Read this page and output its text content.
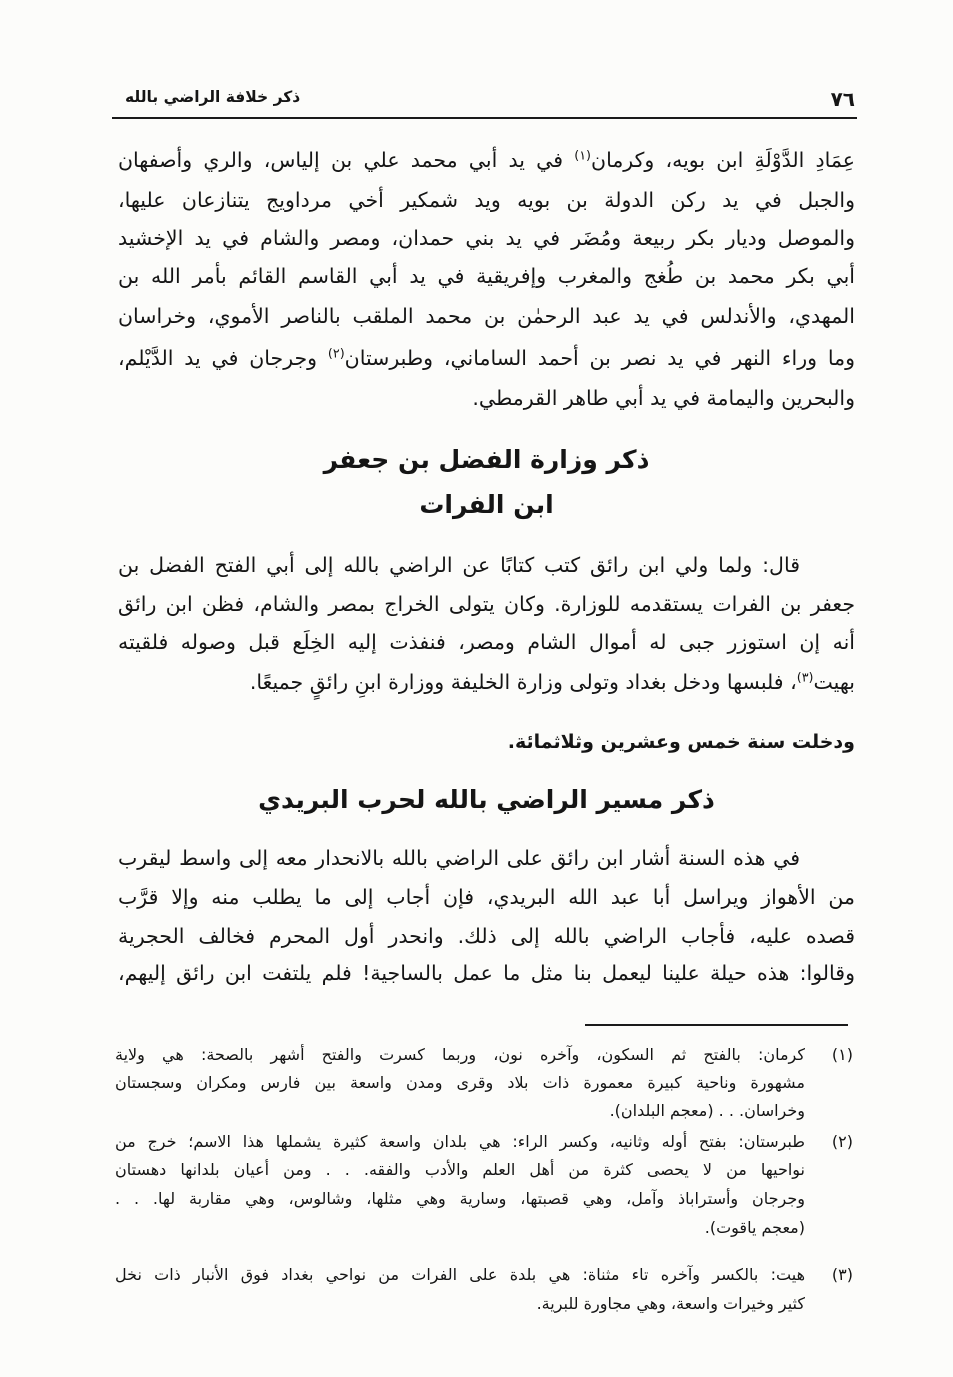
ذكر خلافة الراضي بالله	٧٦
عِمَادِ الدَّوْلَةِ ابن بويه، وكرمان$^{(١)}$ في يد أبي محمد علي بن إلياس، والري وأصفهان
والجبل في يد ركن الدولة بن بويه ويد شمكير أخي مرداويج يتنازعان عليها،
والموصل وديار بكر ربيعة ومُضَر في يد بني حمدان، ومصر والشام في يد الإخشيد
أبي بكر محمد بن طُغج والمغرب وإفريقية في يد أبي القاسم القائم بأمر الله بن
المهدي، والأندلس في يد عبد الرحمٰن بن محمد الملقب بالناصر الأموي، وخراسان
وما وراء النهر في يد نصر بن أحمد الساماني، وطبرستان$^{(٢)}$ وجرجان في يد الدَّيْلم،
والبحرين واليمامة في يد أبي طاهر القرمطي.
ذكر وزارة الفضل بن جعفر
ابن الفرات
قال: ولما ولي ابن رائق كتب كتابًا عن الراضي بالله إلى أبي الفتح الفضل بن
جعفر بن الفرات يستقدمه للوزارة. وكان يتولى الخراج بمصر والشام، فظن ابن رائق
أنه إن استوزر جبى له أموال الشام ومصر، فنفذت إليه الخِلَع قبل وصوله فلقيته
بهيت$^{(٣)}$، فلبسها ودخل بغداد وتولى وزارة الخليفة ووزارة ابنِ رائقٍ جميعًا.
ودخلت سنة خمس وعشرين وثلاثمائة.
ذكر مسير الراضي بالله لحرب البريدي
في هذه السنة أشار ابن رائق على الراضي بالله بالانحدار معه إلى واسط ليقرب
من الأهواز ويراسل أبا عبد الله البريدي، فإن أجاب إلى ما يطلب منه وإلا قرَّب
قصده عليه، فأجاب الراضي بالله إلى ذلك. وانحدر أول المحرم فخالف الحجرية
وقالوا: هذه حيلة علينا ليعمل بنا مثل ما عمل بالساجية! فلم يلتفت ابن رائق إليهم،
(١)
كرمان: بالفتح ثم السكون، وآخره نون، وربما كسرت والفتح أشهر بالصحة: هي ولاية
مشهورة وناحية كبيرة معمورة ذات بلاد وقرى ومدن واسعة بين فارس ومكران وسجستان
وخراسان. . . (معجم البلدان).
(٢)
طبرستان: بفتح أوله وثانيه، وكسر الراء: هي بلدان واسعة كثيرة يشملها هذا الاسم؛ خرج من
نواحيها من لا يحصى كثرة من أهل العلم والأدب والفقه. . . ومن أعيان بلدانها دهستان
وجرجان وأستراباذ وآمل، وهي قصبتها، وسارية وهي مثلها، وشالوس، وهي مقاربة لها. . .
(معجم ياقوت).
(٣)
هيت: بالكسر وآخره تاء مثناة: هي بلدة على الفرات من نواحي بغداد فوق الأنبار ذات نخل
كثير وخيرات واسعة، وهي مجاورة للبرية.
